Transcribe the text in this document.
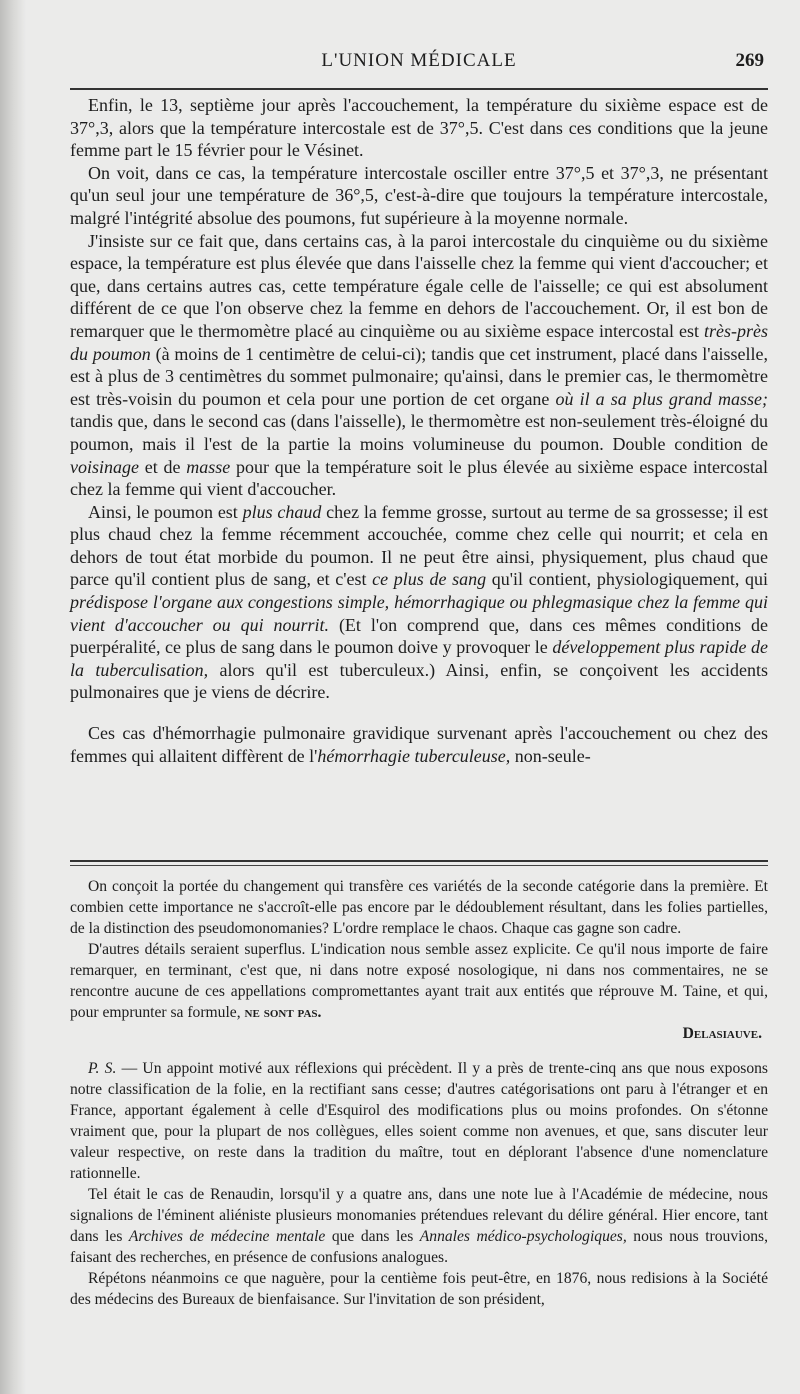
L'UNION MÉDICALE	269

Enfin, le 13, septième jour après l'accouchement, la température du sixième espace est de 37°,3, alors que la température intercostale est de 37°,5. C'est dans ces conditions que la jeune femme part le 15 février pour le Vésinet.

On voit, dans ce cas, la température intercostale osciller entre 37°,5 et 37°,3, ne présentant qu'un seul jour une température de 36°,5, c'est-à-dire que toujours la température intercostale, malgré l'intégrité absolue des poumons, fut supérieure à la moyenne normale.

J'insiste sur ce fait que, dans certains cas, à la paroi intercostale du cinquième ou du sixième espace, la température est plus élevée que dans l'aisselle chez la femme qui vient d'accoucher; et que, dans certains autres cas, cette température égale celle de l'aisselle; ce qui est absolument différent de ce que l'on observe chez la femme en dehors de l'accouchement. Or, il est bon de remarquer que le thermomètre placé au cinquième ou au sixième espace intercostal est très-près du poumon (à moins de 1 centimètre de celui-ci); tandis que cet instrument, placé dans l'aisselle, est à plus de 3 centimètres du sommet pulmonaire; qu'ainsi, dans le premier cas, le thermomètre est très-voisin du poumon et cela pour une portion de cet organe où il a sa plus grand masse; tandis que, dans le second cas (dans l'aisselle), le thermomètre est non-seulement très-éloigné du poumon, mais il l'est de la partie la moins volumineuse du poumon. Double condition de voisinage et de masse pour que la température soit le plus élevée au sixième espace intercostal chez la femme qui vient d'accoucher.

Ainsi, le poumon est plus chaud chez la femme grosse, surtout au terme de sa grossesse; il est plus chaud chez la femme récemment accouchée, comme chez celle qui nourrit; et cela en dehors de tout état morbide du poumon. Il ne peut être ainsi, physiquement, plus chaud que parce qu'il contient plus de sang, et c'est ce plus de sang qu'il contient, physiologiquement, qui prédispose l'organe aux congestions simple, hémorrhagique ou phlegmasique chez la femme qui vient d'accoucher ou qui nourrit. (Et l'on comprend que, dans ces mêmes conditions de puerpéralité, ce plus de sang dans le poumon doive y provoquer le développement plus rapide de la tuberculisation, alors qu'il est tuberculeux.) Ainsi, enfin, se conçoivent les accidents pulmonaires que je viens de décrire.

Ces cas d'hémorrhagie pulmonaire gravidique survenant après l'accouchement ou chez des femmes qui allaitent diffèrent de l'hémorrhagie tuberculeuse, non-seule-

On conçoit la portée du changement qui transfère ces variétés de la seconde catégorie dans la première. Et combien cette importance ne s'accroît-elle pas encore par le dédoublement résultant, dans les folies partielles, de la distinction des pseudomonomanies? L'ordre remplace le chaos. Chaque cas gagne son cadre.

D'autres détails seraient superflus. L'indication nous semble assez explicite. Ce qu'il nous importe de faire remarquer, en terminant, c'est que, ni dans notre exposé nosologique, ni dans nos commentaires, ne se rencontre aucune de ces appellations compromettantes ayant trait aux entités que réprouve M. Taine, et qui, pour emprunter sa formule, ne sont pas.

Delasiauve.

P. S. — Un appoint motivé aux réflexions qui précèdent. Il y a près de trente-cinq ans que nous exposons notre classification de la folie, en la rectifiant sans cesse; d'autres catégorisations ont paru à l'étranger et en France, apportant également à celle d'Esquirol des modifications plus ou moins profondes. On s'étonne vraiment que, pour la plupart de nos collègues, elles soient comme non avenues, et que, sans discuter leur valeur respective, on reste dans la tradition du maître, tout en déplorant l'absence d'une nomenclature rationnelle.

Tel était le cas de Renaudin, lorsqu'il y a quatre ans, dans une note lue à l'Académie de médecine, nous signalions de l'éminent aliéniste plusieurs monomanies prétendues relevant du délire général. Hier encore, tant dans les Archives de médecine mentale que dans les Annales médico-psychologiques, nous nous trouvions, faisant des recherches, en présence de confusions analogues.

Répétons néanmoins ce que naguère, pour la centième fois peut-être, en 1876, nous redisions à la Société des médecins des Bureaux de bienfaisance. Sur l'invitation de son président,
